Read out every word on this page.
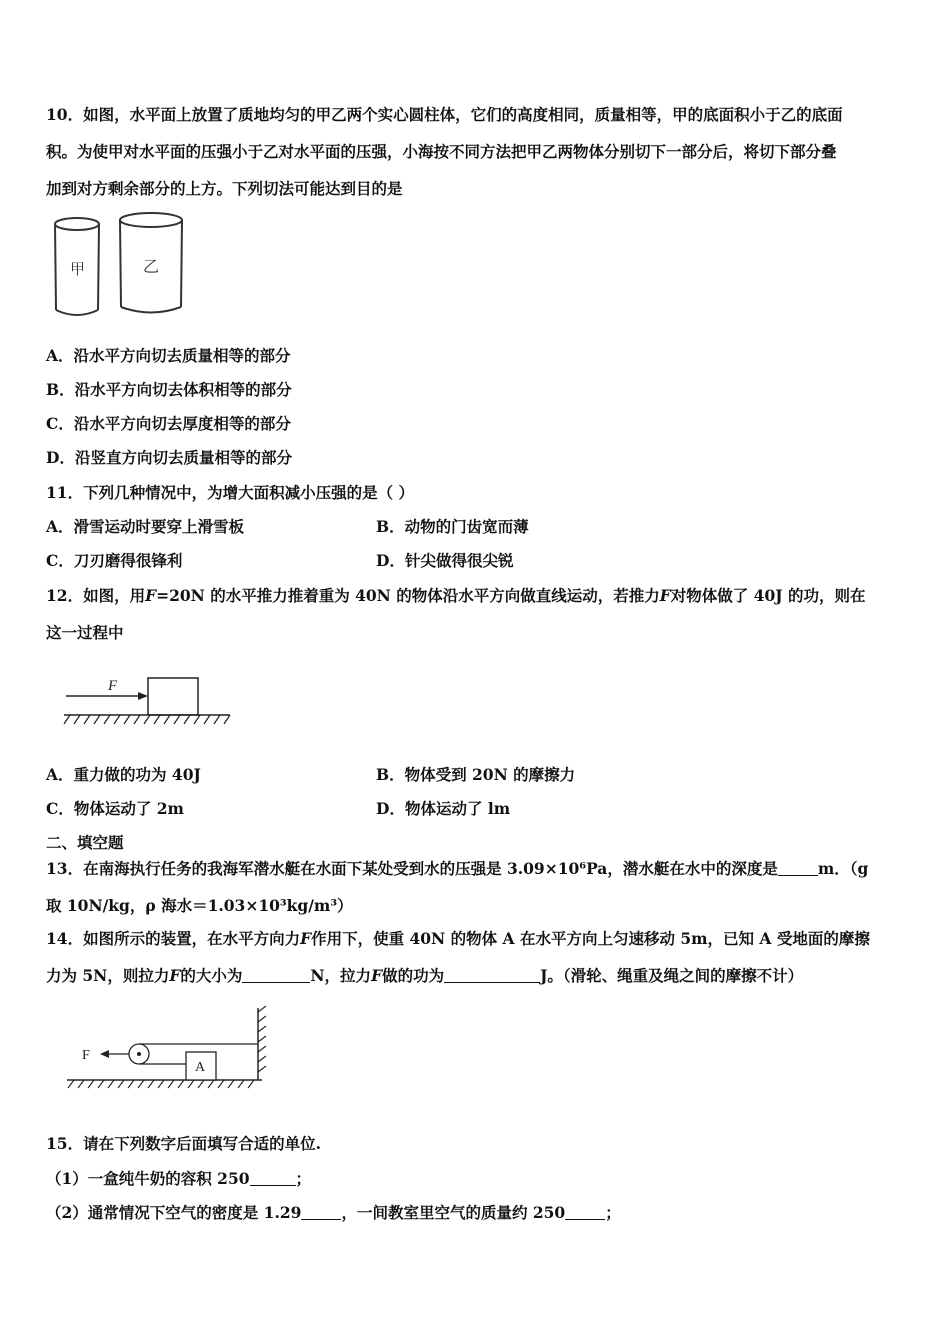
10．如图，水平面上放置了质地均匀的甲乙两个实心圆柱体，它们的高度相同，质量相等，甲的底面积小于乙的底面
积。为使甲对水平面的压强小于乙对水平面的压强，小海按不同方法把甲乙两物体分别切下一部分后，将切下部分叠
加到对方剩余部分的上方。下列切法可能达到目的是
甲	乙
A．沿水平方向切去质量相等的部分
B．沿水平方向切去体积相等的部分
C．沿水平方向切去厚度相等的部分
D．沿竖直方向切去质量相等的部分
11．下列几种情况中，为增大面积减小压强的是（ ）
A．滑雪运动时要穿上滑雪板	B．动物的门齿宽而薄
C．刀刃磨得很锋利	D．针尖做得很尖锐
12．如图，用F=20N 的水平推力推着重为 40N 的物体沿水平方向做直线运动，若推力F对物体做了 40J 的功，则在
这一过程中
F
A．重力做的功为 40J	B．物体受到 20N 的摩擦力
C．物体运动了 2m	D．物体运动了 lm
二、填空题
13．在南海执行任务的我海军潜水艇在水面下某处受到水的压强是 3.09×10⁶Pa，潜水艇在水中的深度是	m．（g
取 10N/kg，ρ 海水＝1.03×10³kg/m³）
14．如图所示的装置，在水平方向力F作用下，使重 40N 的物体 A 在水平方向上匀速移动 5m，已知 A 受地面的摩擦
力为 5N，则拉力F的大小为	N，拉力F做的功为	J。（滑轮、绳重及绳之间的摩擦不计）
F
A
15．请在下列数字后面填写合适的单位.
（1）一盒纯牛奶的容积 250	；
（2）通常情况下空气的密度是 1.29	，一间教室里空气的质量约 250	；
